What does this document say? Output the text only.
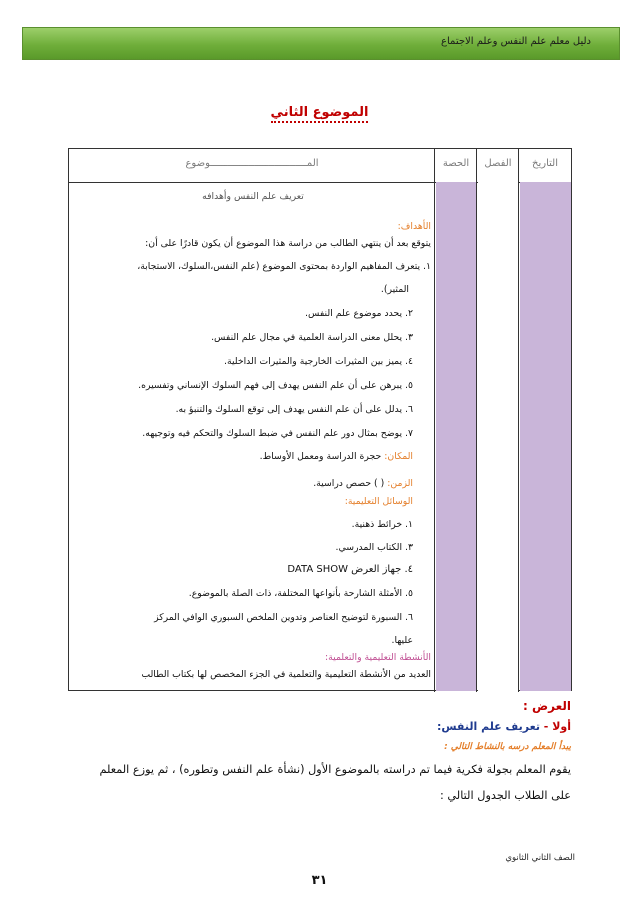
دليل معلم علم النفس وعلم الاجتماع
الموضوع الثاني
التاريخ
الفصل
الحصة
المـــــــــــــــــــــــــــــــــوضوع
تعريف علم النفس وأهدافه
الأهداف:
يتوقع بعد أن ينتهي الطالب من دراسة هذا الموضوع أن يكون قادرًا على أن:
١. يتعرف المفاهيم الواردة بمحتوى الموضوع (علم النفس،السلوك، الاستجابة،
المثير).
٢. يحدد موضوع علم النفس.
٣. يحلل معنى الدراسة العلمية في مجال علم النفس.
٤. يميز بين المثيرات الخارجية والمثيرات الداخلية.
٥. يبرهن على أن علم النفس يهدف إلى فهم السلوك الإنساني وتفسيره.
٦. يدلل على أن علم النفس يهدف إلى توقع السلوك والتنبؤ به.
٧. يوضح بمثال دور علم النفس في ضبط السلوك والتحكم فيه وتوجيهه.
المكان: حجرة الدراسة ومعمل الأوساط.
الزمن: ( ) حصص دراسية.
الوسائل التعليمية:
١. خرائط ذهنية.
٣. الكتاب المدرسي.
٤. جهاز العرض DATA SHOW
٥. الأمثلة الشارحة بأنواعها المختلفة، ذات الصلة بالموضوع.
٦. السبورة لتوضيح العناصر وتدوين الملخص السبوري الوافي المركز
عليها.
الأنشطة التعليمية والتعلمية:
العديد من الأنشطة التعليمية والتعلمية في الجزء المخصص لها بكتاب الطالب
العرض :
أولا - تعريف علم النفس:
يبدأ المعلم درسه بالنشاط التالي :
يقوم المعلم بجولة فكرية فيما تم دراسته بالموضوع الأول (نشأة علم النفس وتطوره) ، ثم يوزع المعلم
على الطلاب الجدول التالي :
الصف الثاني الثانوي
٣١
